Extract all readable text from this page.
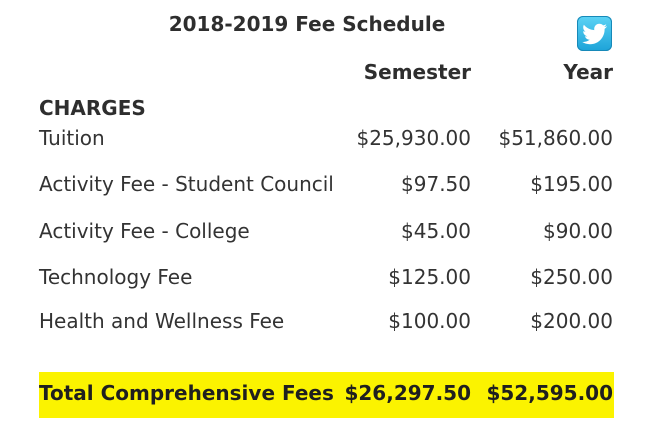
2018-2019 Fee Schedule
Semester	Year
CHARGES
Tuition	$25,930.00 $51,860.00
Activity Fee - Student Council	$97.50	$195.00
Activity Fee - College	$45.00	$90.00
Technology Fee	$125.00	$250.00
Health and Wellness Fee	$100.00	$200.00
Total Comprehensive Fees $26,297.50 $52,595.00
